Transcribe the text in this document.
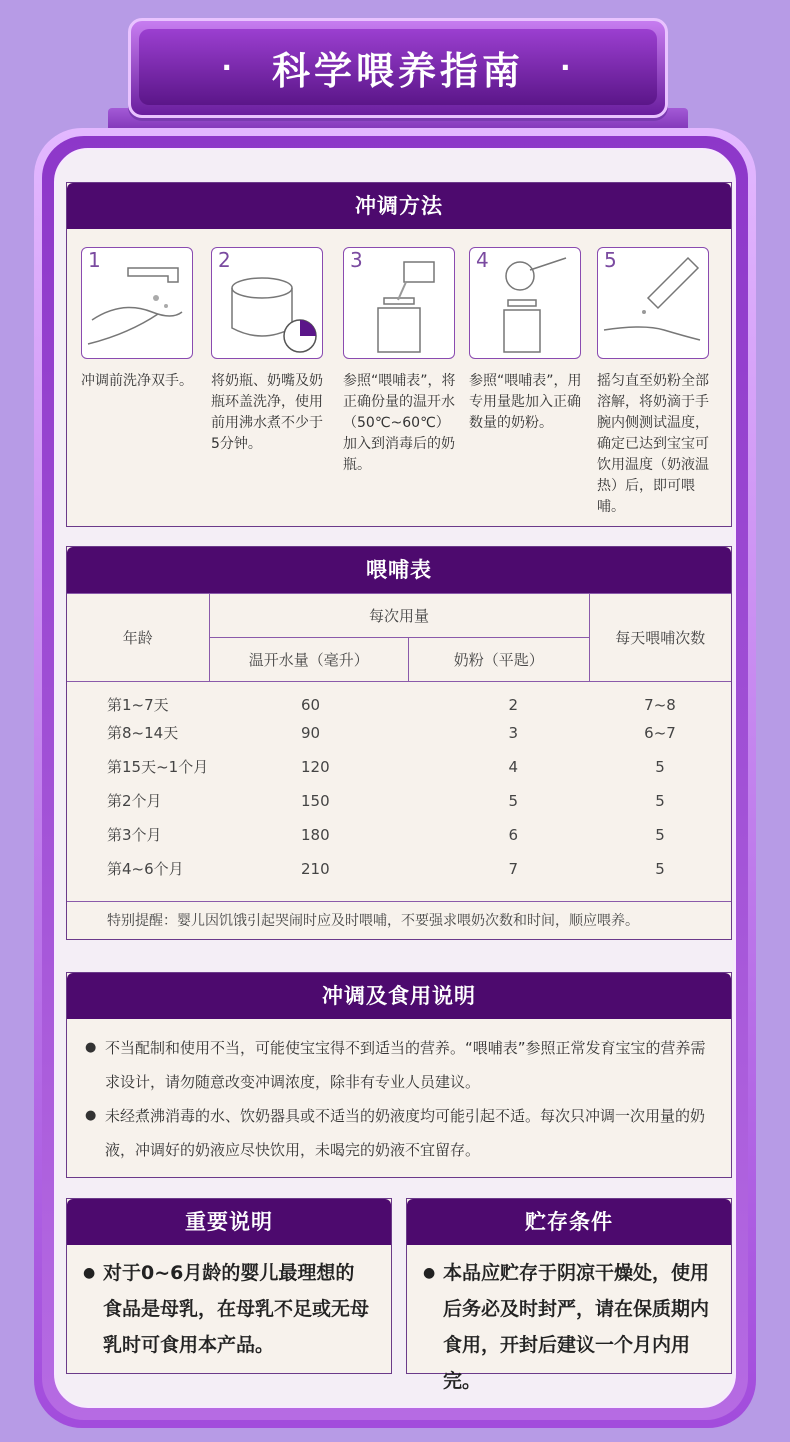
· 科学喂养指南 ·
冲调方法
1
冲调前洗净双手。
2
将奶瓶、奶嘴及奶瓶环盖洗净，使用前用沸水煮不少于5分钟。
3
参照“喂哺表”，将正确份量的温开水（50℃~60℃）加入到消毒后的奶瓶。
4
参照“喂哺表”，用专用量匙加入正确数量的奶粉。
5
摇匀直至奶粉全部溶解，将奶滴于手腕内侧测试温度，确定已达到宝宝可饮用温度（奶液温热）后，即可喂哺。
喂哺表
年龄	每次用量		每天喂哺次数
	温开水量（毫升）	奶粉（平匙）	
第1~7天	60	2	7~8
第8~14天	90	3	6~7
第15天~1个月	120	4	5
第2个月	150	5	5
第3个月	180	6	5
第4~6个月	210	7	5
特别提醒：婴儿因饥饿引起哭闹时应及时喂哺，不要强求喂奶次数和时间，顺应喂养。
冲调及食用说明
● 不当配制和使用不当，可能使宝宝得不到适当的营养。“喂哺表”参照正常发育宝宝的营养需求设计，请勿随意改变冲调浓度，除非有专业人员建议。
● 未经煮沸消毒的水、饮奶器具或不适当的奶液度均可能引起不适。每次只冲调一次用量的奶液，冲调好的奶液应尽快饮用，未喝完的奶液不宜留存。
重要说明
● 对于0~6月龄的婴儿最理想的食品是母乳，在母乳不足或无母乳时可食用本产品。
贮存条件
● 本品应贮存于阴凉干燥处，使用后务必及时封严，请在保质期内食用，开封后建议一个月内用完。
